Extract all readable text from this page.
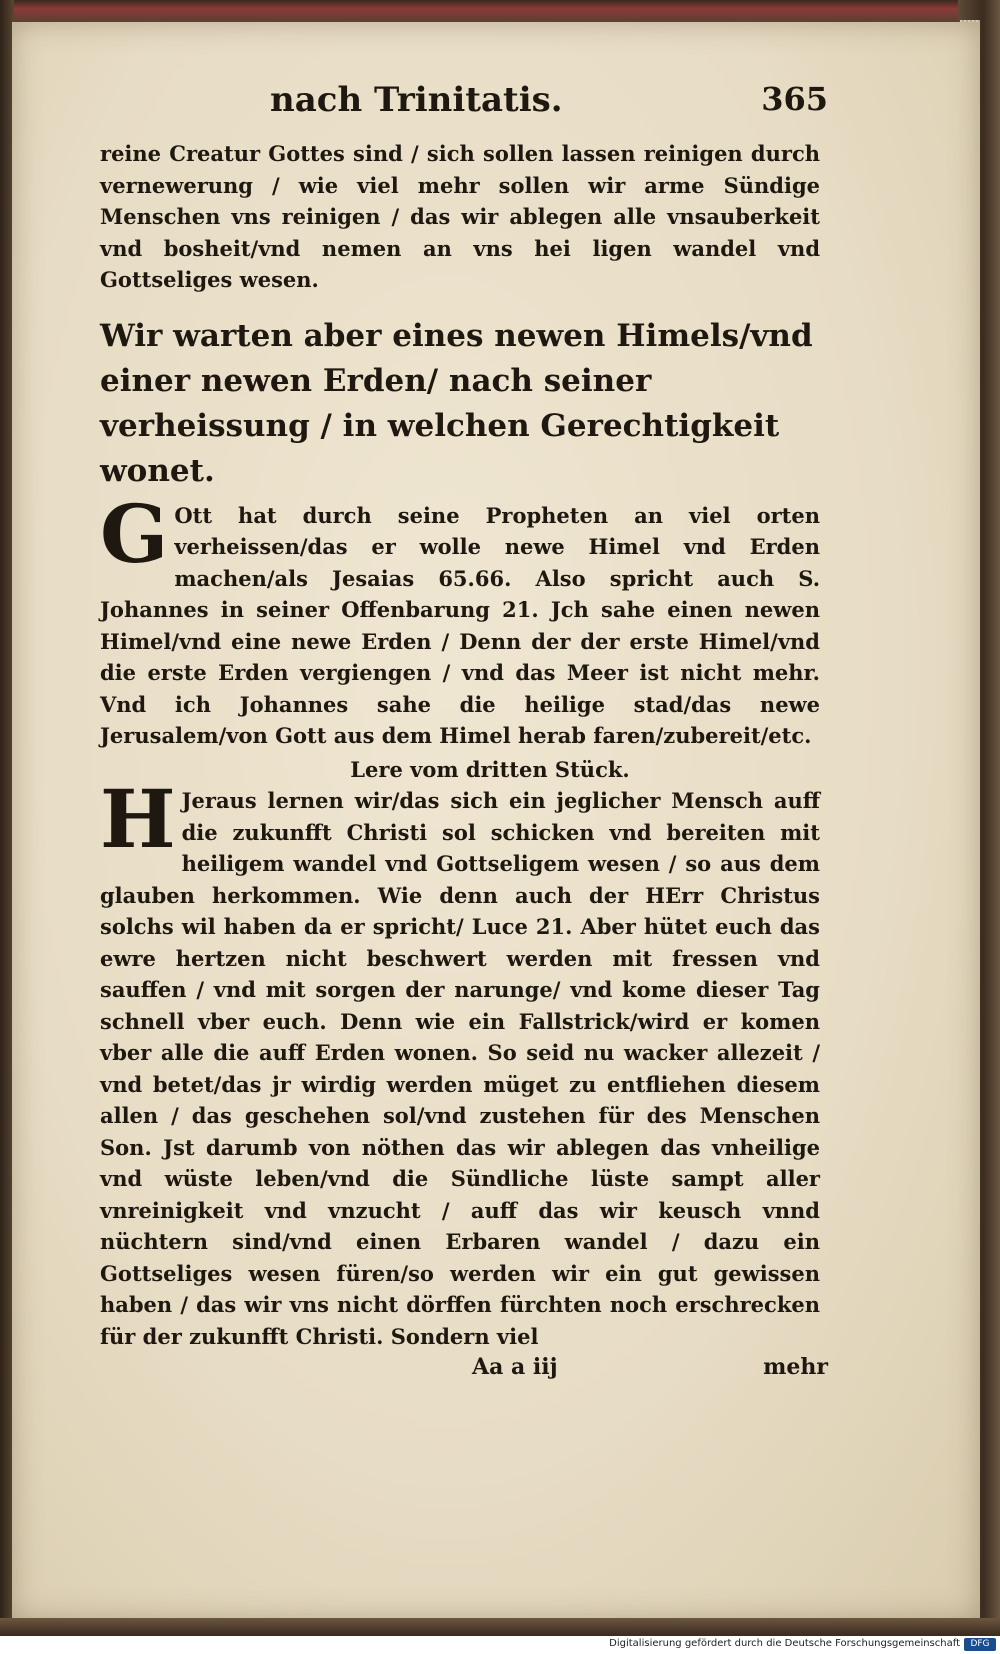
nach Trinitatis.	365

reine Creatur Gottes sind / sich sollen lassen reinigen durch vernewerung / wie viel mehr sollen wir arme Sündige Menschen vns reinigen / das wir ablegen alle vnsauberkeit vnd bosheit/vnd nemen an vns hei ligen wandel vnd Gottseliges wesen.

Wir warten aber eines newen Himels/vnd einer newen Erden/ nach seiner verheissung / in welchen Gerechtigkeit wonet.

G Ott hat durch seine Propheten an viel orten verheissen/das er wolle newe Himel vnd Erden machen/als Jesaias 65.66. Also spricht auch S. Johannes in seiner Offenbarung 21. Jch sahe einen newen Himel/vnd eine newe Erden / Denn der der erste Himel/vnd die erste Erden vergiengen / vnd das Meer ist nicht mehr. Vnd ich Johannes sahe die heilige stad/das newe Jerusalem/von Gott aus dem Himel herab faren/zubereit/etc.

Lere vom dritten Stück.

H Jeraus lernen wir/das sich ein jeglicher Mensch auff die zukunfft Christi sol schicken vnd bereiten mit heiligem wandel vnd Gottseligem wesen / so aus dem glauben herkommen. Wie denn auch der HErr Christus solchs wil haben da er spricht/ Luce 21. Aber hütet euch das ewre hertzen nicht beschwert werden mit fressen vnd sauffen / vnd mit sorgen der narunge/ vnd kome dieser Tag schnell vber euch. Denn wie ein Fallstrick/wird er komen vber alle die auff Erden wonen. So seid nu wacker allezeit / vnd betet/das jr wirdig werden müget zu entfliehen diesem allen / das geschehen sol/vnd zustehen für des Menschen Son. Jst darumb von nöthen das wir ablegen das vnheilige vnd wüste leben/vnd die Sündliche lüste sampt aller vnreinigkeit vnd vnzucht / auff das wir keusch vnnd nüchtern sind/vnd einen Erbaren wandel / dazu ein Gottseliges wesen füren/so werden wir ein gut gewissen haben / das wir vns nicht dörffen fürchten noch erschrecken für der zukunfft Christi. Sondern viel

Aa a iij	mehr

Digitalisierung gefördert durch die Deutsche Forschungsgemeinschaft	DFG
